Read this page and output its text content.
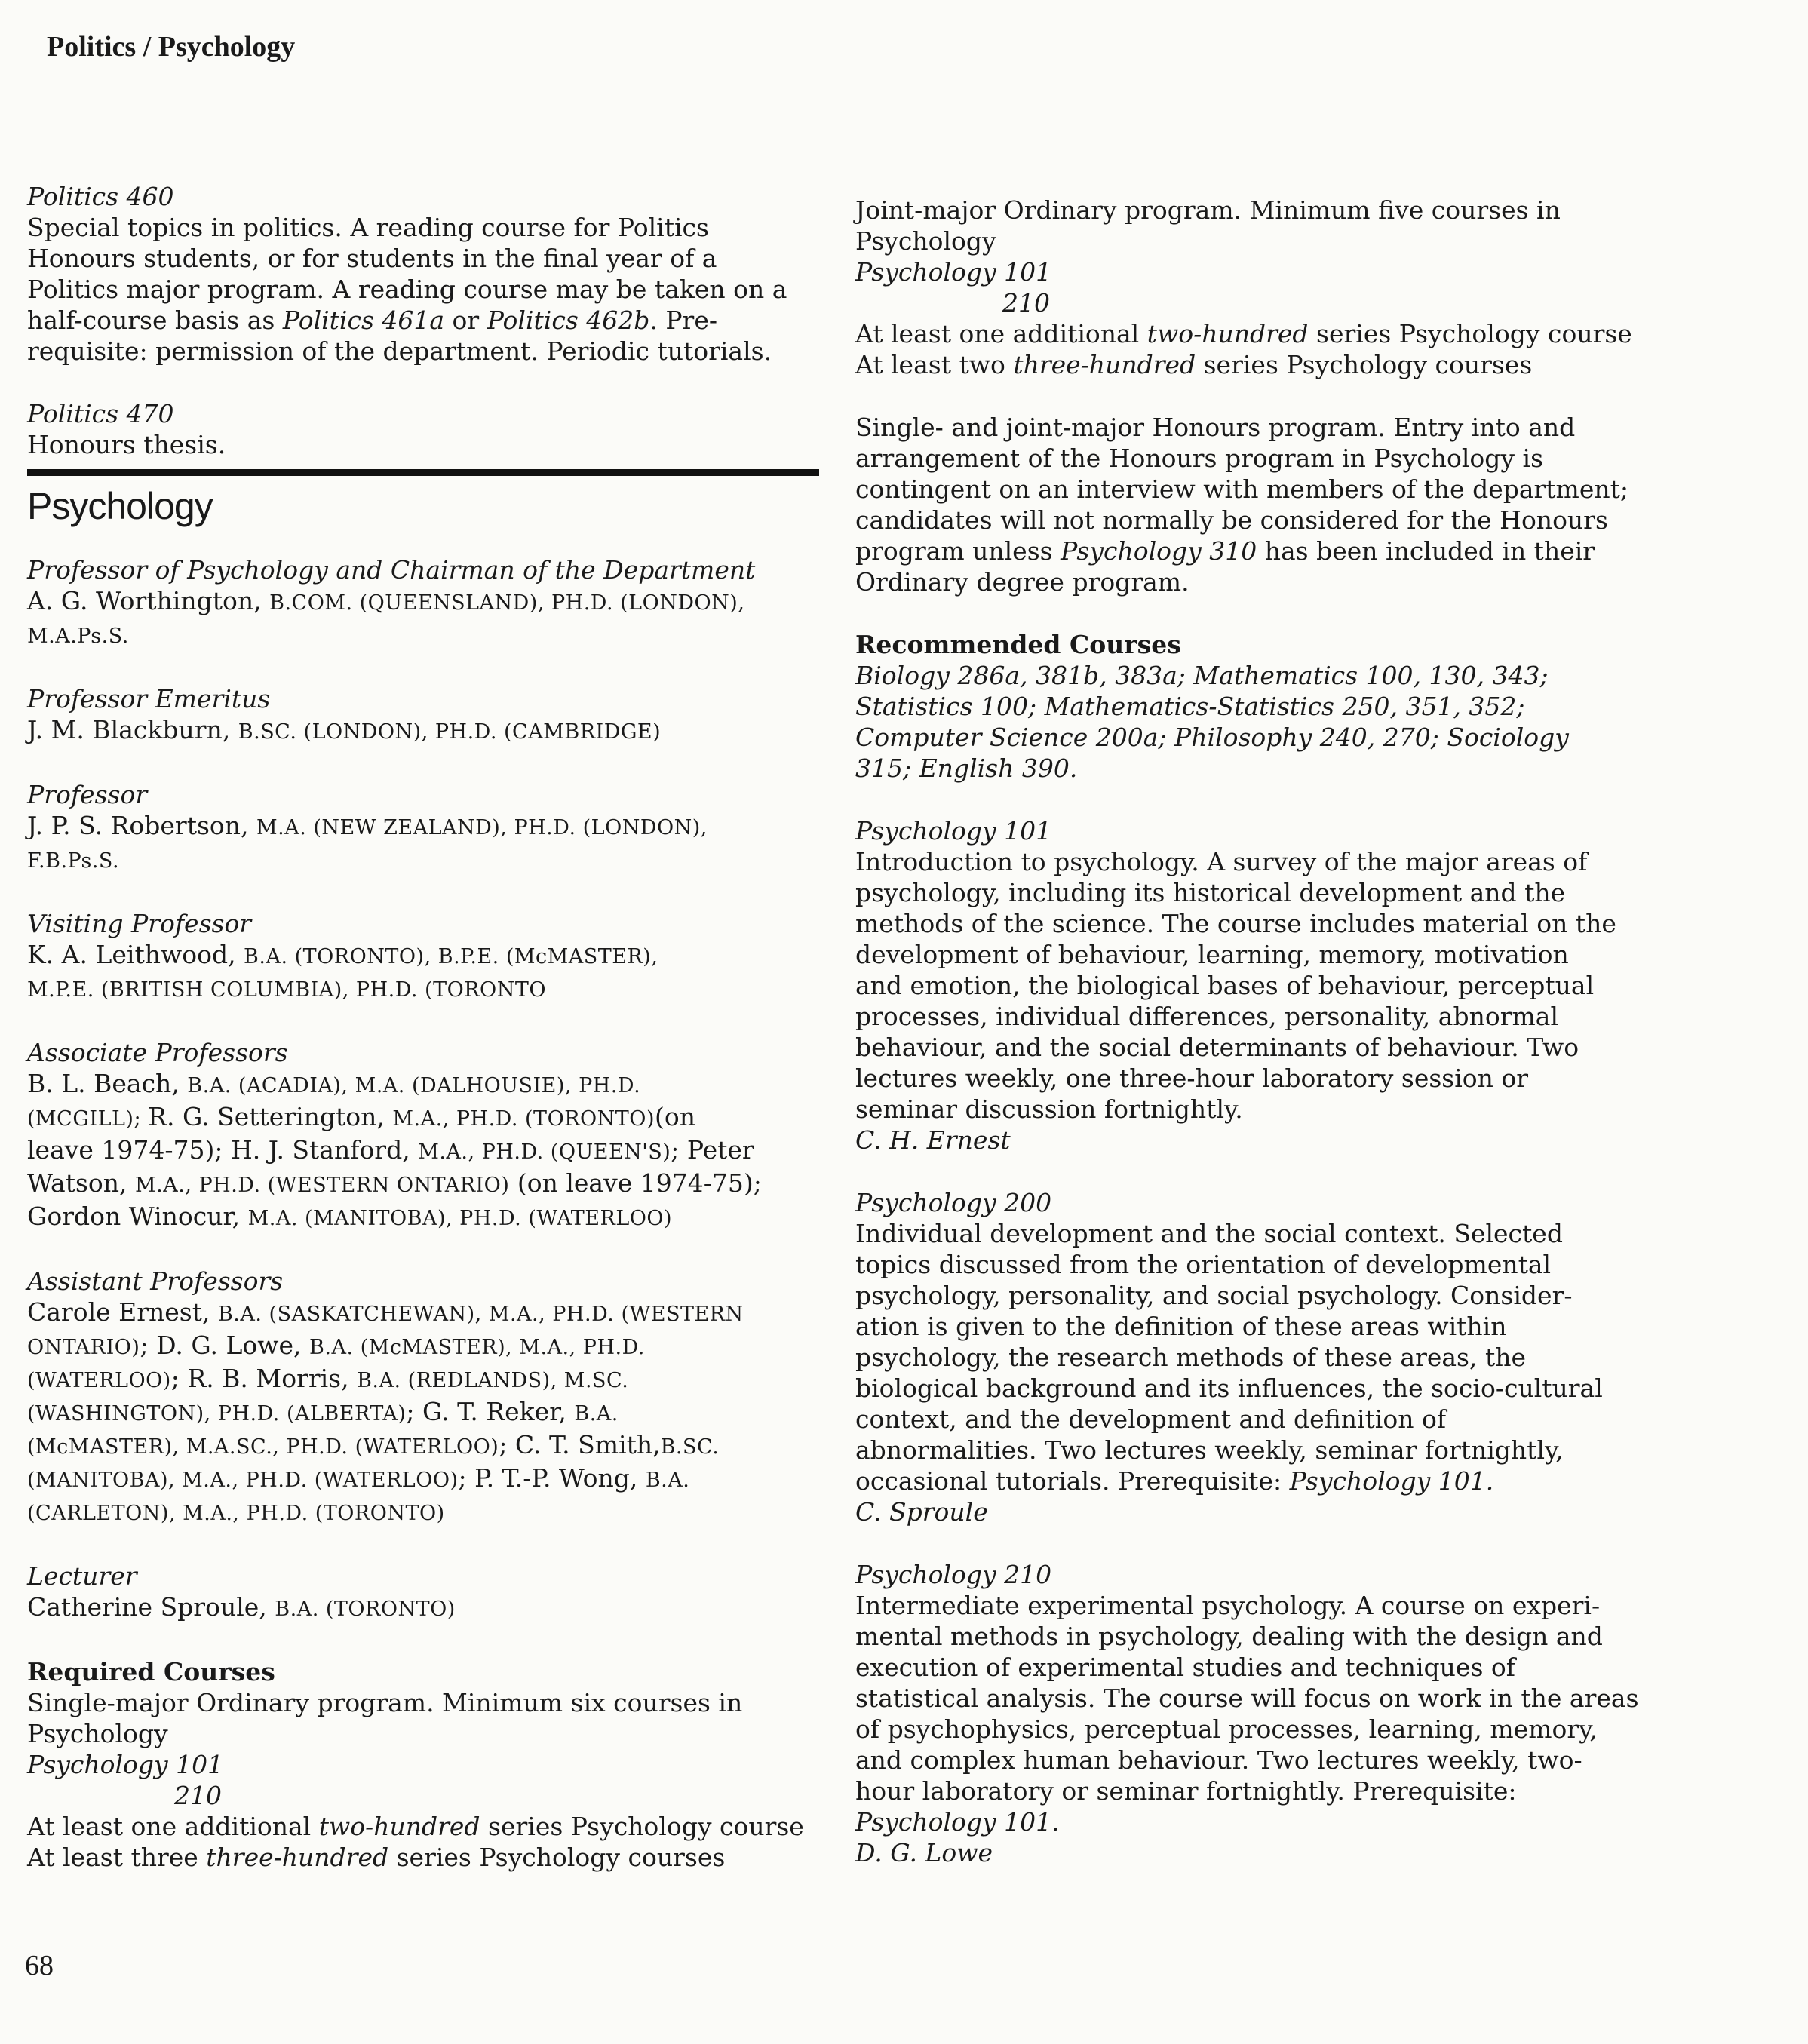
Politics / Psychology
Politics 460
Special topics in politics. A reading course for Politics
Honours students, or for students in the final year of a
Politics major program. A reading course may be taken on a
half-course basis as Politics 461a or Politics 462b. Pre-
requisite: permission of the department. Periodic tutorials.
Politics 470
Honours thesis.
Psychology
Professor of Psychology and Chairman of the Department
A. G. Worthington, B.COM. (QUEENSLAND), PH.D. (LONDON),
M.A.Ps.S.
Professor Emeritus
J. M. Blackburn, B.SC. (LONDON), PH.D. (CAMBRIDGE)
Professor
J. P. S. Robertson, M.A. (NEW ZEALAND), PH.D. (LONDON),
F.B.Ps.S.
Visiting Professor
K. A. Leithwood, B.A. (TORONTO), B.P.E. (McMASTER),
M.P.E. (BRITISH COLUMBIA), PH.D. (TORONTO
Associate Professors
B. L. Beach, B.A. (ACADIA), M.A. (DALHOUSIE), PH.D.
(MCGILL); R. G. Setterington, M.A., PH.D. (TORONTO)(on
leave 1974-75); H. J. Stanford, M.A., PH.D. (QUEEN'S); Peter
Watson, M.A., PH.D. (WESTERN ONTARIO) (on leave 1974-75);
Gordon Winocur, M.A. (MANITOBA), PH.D. (WATERLOO)
Assistant Professors
Carole Ernest, B.A. (SASKATCHEWAN), M.A., PH.D. (WESTERN
ONTARIO); D. G. Lowe, B.A. (McMASTER), M.A., PH.D.
(WATERLOO); R. B. Morris, B.A. (REDLANDS), M.SC.
(WASHINGTON), PH.D. (ALBERTA); G. T. Reker, B.A.
(McMASTER), M.A.SC., PH.D. (WATERLOO); C. T. Smith,B.SC.
(MANITOBA), M.A., PH.D. (WATERLOO); P. T.-P. Wong, B.A.
(CARLETON), M.A., PH.D. (TORONTO)
Lecturer
Catherine Sproule, B.A. (TORONTO)
Required Courses
Single-major Ordinary program. Minimum six courses in
Psychology
Psychology 101
210
At least one additional two-hundred series Psychology course
At least three three-hundred series Psychology courses
Joint-major Ordinary program. Minimum five courses in
Psychology
Psychology 101
210
At least one additional two-hundred series Psychology course
At least two three-hundred series Psychology courses
Single- and joint-major Honours program. Entry into and
arrangement of the Honours program in Psychology is
contingent on an interview with members of the department;
candidates will not normally be considered for the Honours
program unless Psychology 310 has been included in their
Ordinary degree program.
Recommended Courses
Biology 286a, 381b, 383a; Mathematics 100, 130, 343;
Statistics 100; Mathematics-Statistics 250, 351, 352;
Computer Science 200a; Philosophy 240, 270; Sociology
315; English 390.
Psychology 101
Introduction to psychology. A survey of the major areas of
psychology, including its historical development and the
methods of the science. The course includes material on the
development of behaviour, learning, memory, motivation
and emotion, the biological bases of behaviour, perceptual
processes, individual differences, personality, abnormal
behaviour, and the social determinants of behaviour. Two
lectures weekly, one three-hour laboratory session or
seminar discussion fortnightly.
C. H. Ernest
Psychology 200
Individual development and the social context. Selected
topics discussed from the orientation of developmental
psychology, personality, and social psychology. Consider-
ation is given to the definition of these areas within
psychology, the research methods of these areas, the
biological background and its influences, the socio-cultural
context, and the development and definition of
abnormalities. Two lectures weekly, seminar fortnightly,
occasional tutorials. Prerequisite: Psychology 101.
C. Sproule
Psychology 210
Intermediate experimental psychology. A course on experi-
mental methods in psychology, dealing with the design and
execution of experimental studies and techniques of
statistical analysis. The course will focus on work in the areas
of psychophysics, perceptual processes, learning, memory,
and complex human behaviour. Two lectures weekly, two-
hour laboratory or seminar fortnightly. Prerequisite:
Psychology 101.
D. G. Lowe
68
